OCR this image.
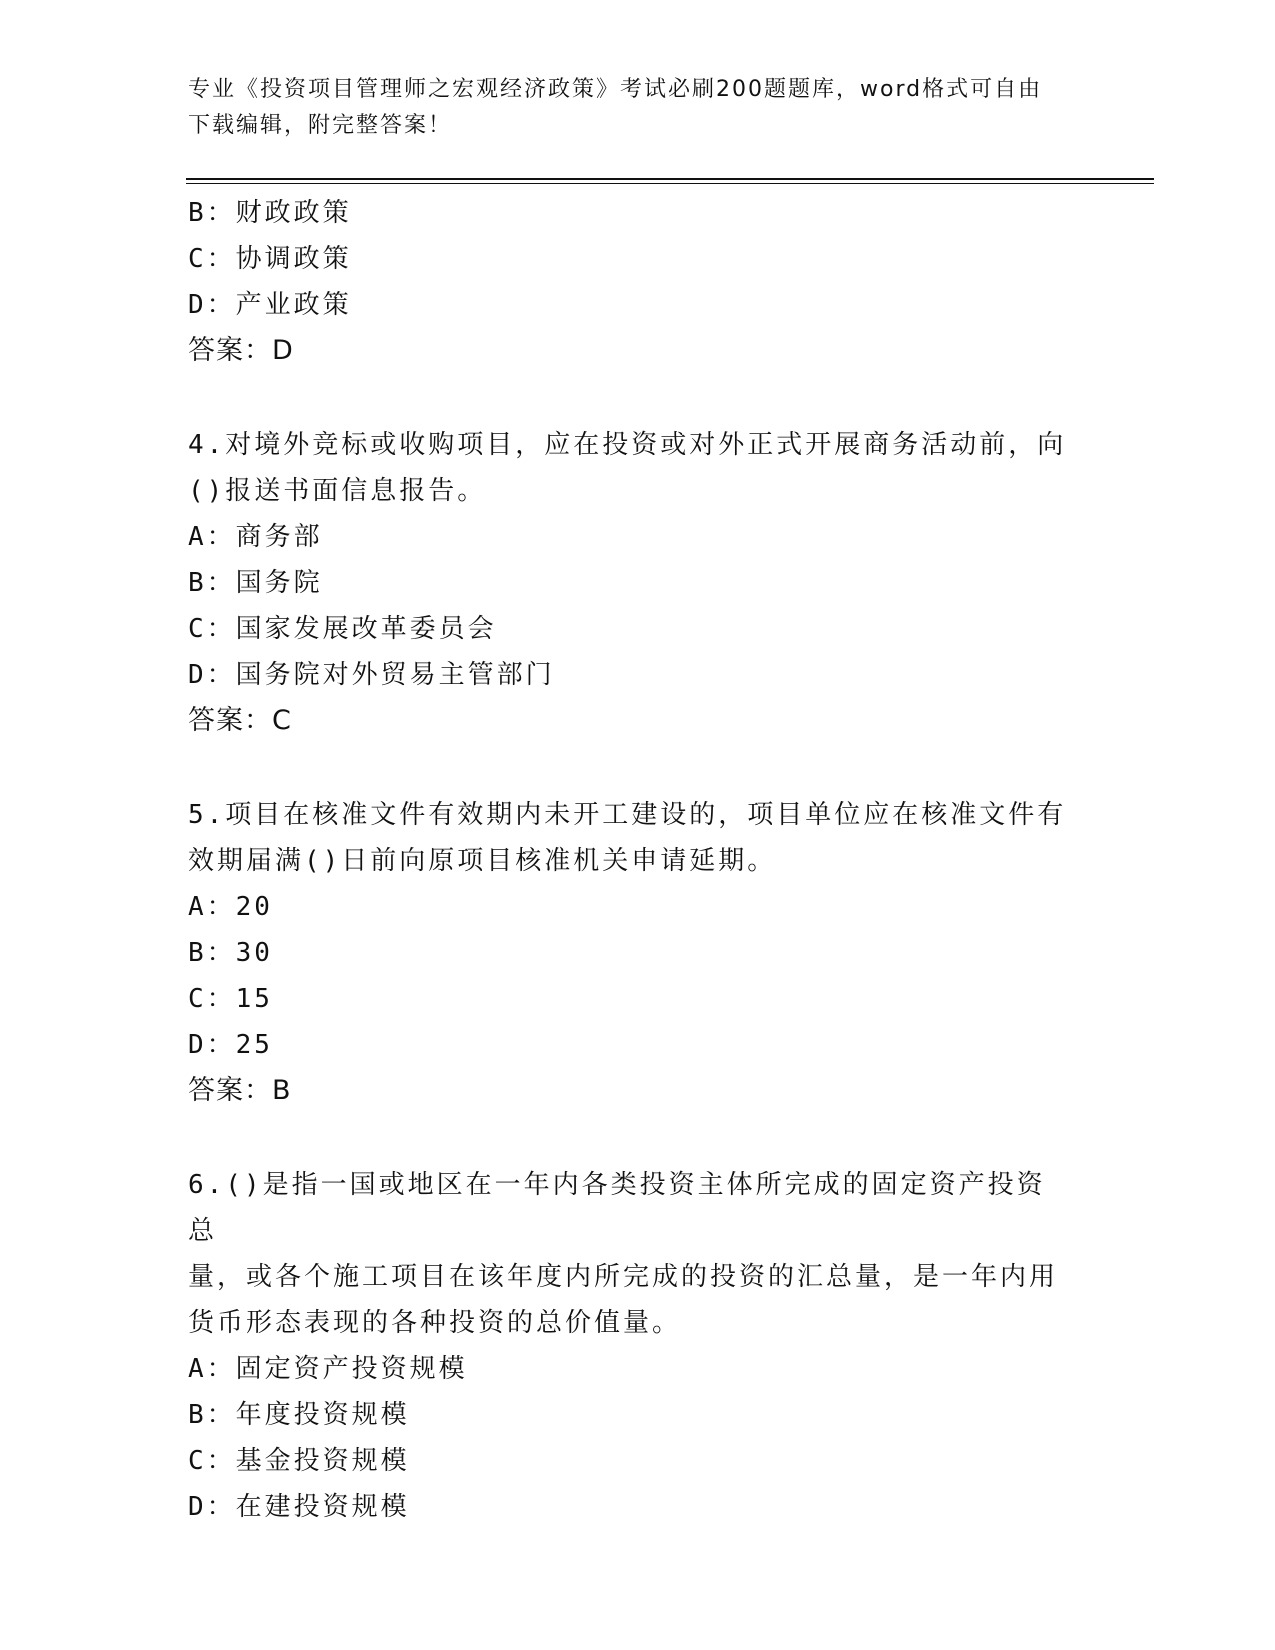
专业《投资项目管理师之宏观经济政策》考试必刷200题题库，word格式可自由
下载编辑，附完整答案！
B：财政政策
C：协调政策
D：产业政策
答案：D
4.对境外竞标或收购项目，应在投资或对外正式开展商务活动前，向
()报送书面信息报告。
A：商务部
B：国务院
C：国家发展改革委员会
D：国务院对外贸易主管部门
答案：C
5.项目在核准文件有效期内未开工建设的，项目单位应在核准文件有
效期届满()日前向原项目核准机关申请延期。
A：20
B：30
C：15
D：25
答案：B
6.()是指一国或地区在一年内各类投资主体所完成的固定资产投资总
量，或各个施工项目在该年度内所完成的投资的汇总量，是一年内用
货币形态表现的各种投资的总价值量。
A：固定资产投资规模
B：年度投资规模
C：基金投资规模
D：在建投资规模
